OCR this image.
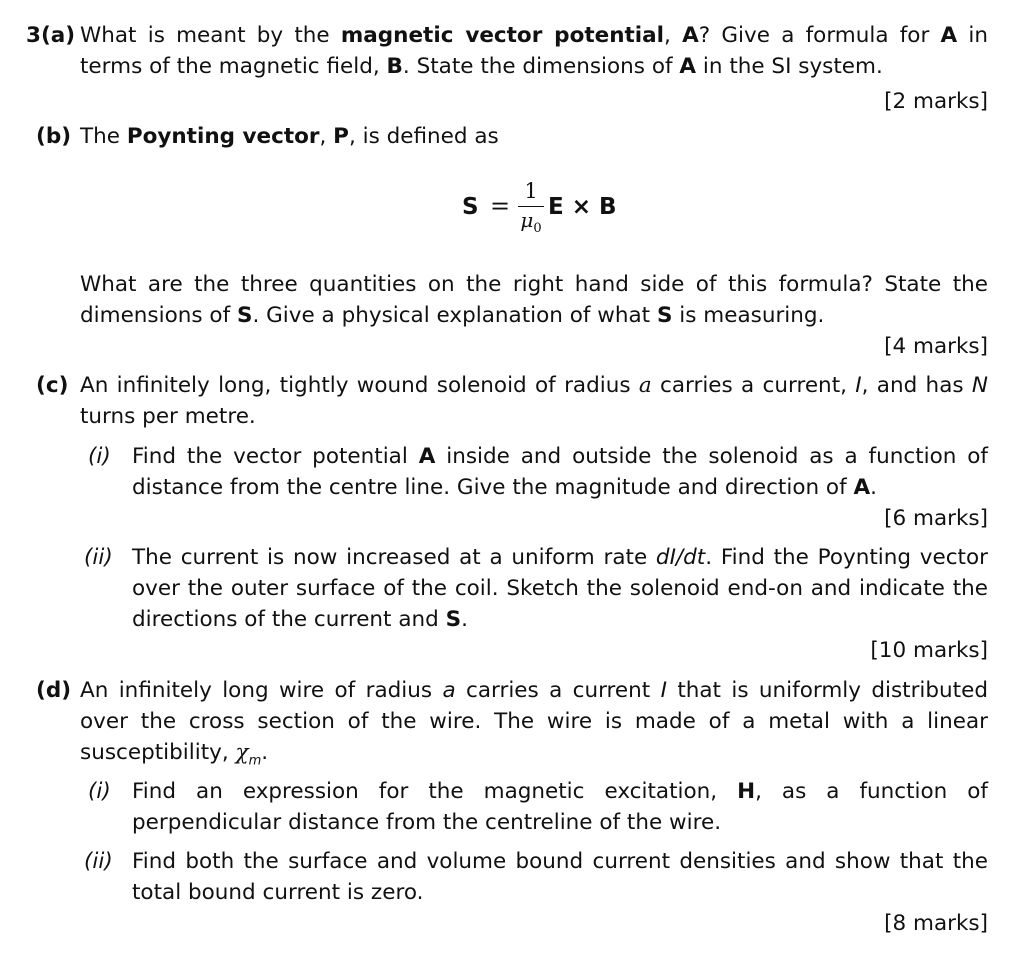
3(a) What is meant by the magnetic vector potential, A? Give a formula for A in terms of the magnetic field, B. State the dimensions of A in the SI system.
[2 marks]
(b) The Poynting vector, P, is defined as
S =
1
$\mu_0$
E × B
What are the three quantities on the right hand side of this formula? State the dimensions of S. Give a physical explanation of what S is measuring.
[4 marks]
(c) An infinitely long, tightly wound solenoid of radius a carries a current, I, and has N turns per metre.
(i) Find the vector potential A inside and outside the solenoid as a function of distance from the centre line. Give the magnitude and direction of A.
[6 marks]
(ii) The current is now increased at a uniform rate dI/dt. Find the Poynting vector over the outer surface of the coil. Sketch the solenoid end-on and indicate the directions of the current and S.
[10 marks]
(d) An infinitely long wire of radius a carries a current I that is uniformly distributed over the cross section of the wire. The wire is made of a metal with a linear susceptibility, $\chi_m$.
(i) Find an expression for the magnetic excitation, H, as a function of perpendicular distance from the centreline of the wire.
(ii) Find both the surface and volume bound current densities and show that the total bound current is zero.
[8 marks]
